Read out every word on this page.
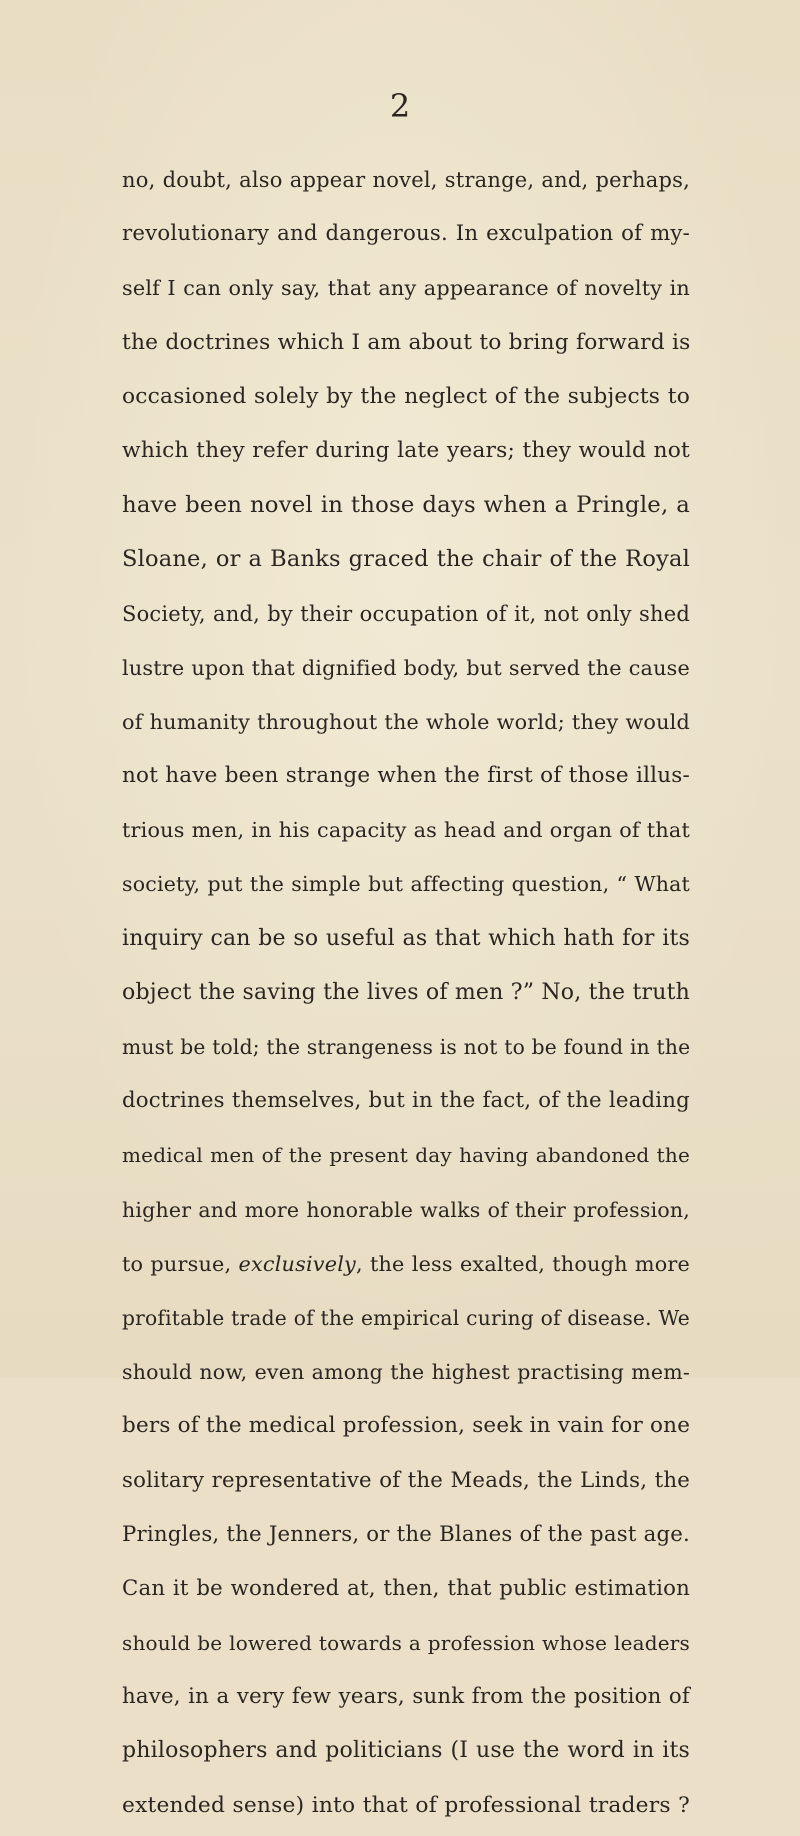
2
no, doubt, also appear novel, strange, and, perhaps,
revolutionary and dangerous. In exculpation of my-
self I can only say, that any appearance of novelty in
the doctrines which I am about to bring forward is
occasioned solely by the neglect of the subjects to
which they refer during late years; they would not
have been novel in those days when a Pringle, a
Sloane, or a Banks graced the chair of the Royal
Society, and, by their occupation of it, not only shed
lustre upon that dignified body, but served the cause
of humanity throughout the whole world; they would
not have been strange when the first of those illus-
trious men, in his capacity as head and organ of that
society, put the simple but affecting question, “ What
inquiry can be so useful as that which hath for its
object the saving the lives of men ?” No, the truth
must be told; the strangeness is not to be found in the
doctrines themselves, but in the fact, of the leading
medical men of the present day having abandoned the
higher and more honorable walks of their profession,
to pursue, exclusively, the less exalted, though more
profitable trade of the empirical curing of disease. We
should now, even among the highest practising mem-
bers of the medical profession, seek in vain for one
solitary representative of the Meads, the Linds, the
Pringles, the Jenners, or the Blanes of the past age.
Can it be wondered at, then, that public estimation
should be lowered towards a profession whose leaders
have, in a very few years, sunk from the position of
philosophers and politicians (I use the word in its
extended sense) into that of professional traders ?
